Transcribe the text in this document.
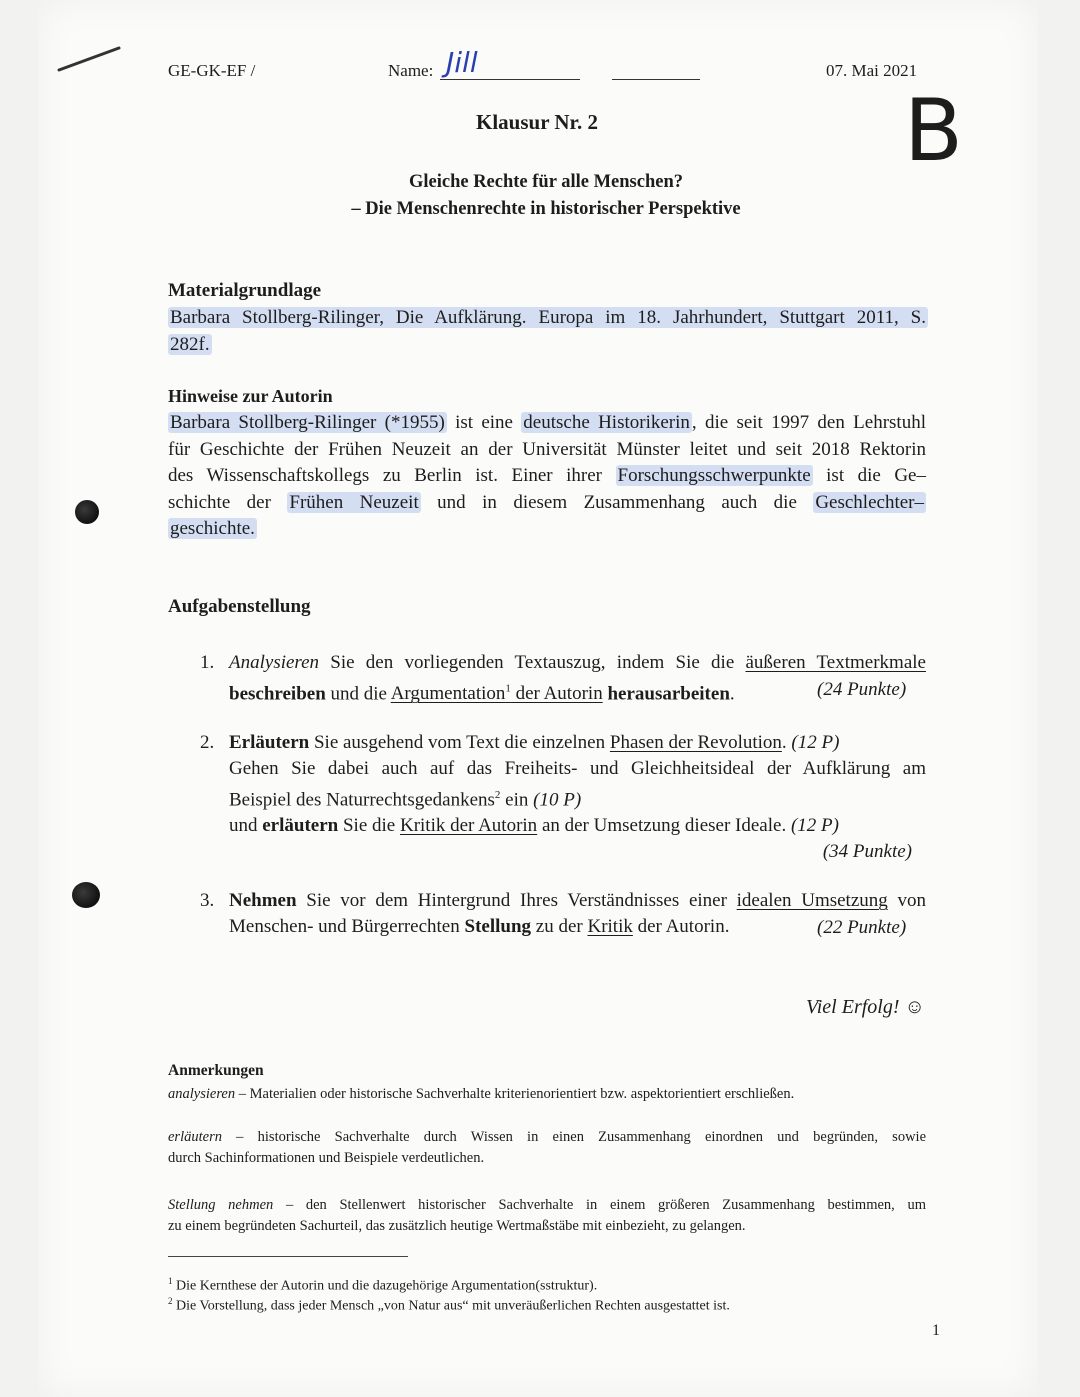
GE-GK-EF /	Name: Jill	07. Mai 2021
Klausur Nr. 2	B
Gleiche Rechte für alle Menschen?
– Die Menschenrechte in historischer Perspektive
Materialgrundlage
Barbara Stollberg-Rilinger, Die Aufklärung. Europa im 18. Jahrhundert, Stuttgart 2011, S.
282f.
Hinweise zur Autorin
Barbara Stollberg-Rilinger (*1955) ist eine deutsche Historikerin , die seit 1997 den Lehrstuhl
für Geschichte der Frühen Neuzeit an der Universität Münster leitet und seit 2018 Rektorin
des Wissenschaftskollegs zu Berlin ist. Einer ihrer Forschungsschwerpunkte ist die Ge–
schichte der Frühen Neuzeit und in diesem Zusammenhang auch die Geschlechter–
geschichte.
Aufgabenstellung
1. Analysieren Sie den vorliegenden Textauszug, indem Sie die äußeren Textmerkmale
beschreiben und die Argumentation$^1$ der Autorin herausarbeiten.	(24 Punkte)
2. Erläutern Sie ausgehend vom Text die einzelnen Phasen der Revolution. (12 P)
Gehen Sie dabei auch auf das Freiheits- und Gleichheitsideal der Aufklärung am
Beispiel des Naturrechtsgedankens$^2$ ein (10 P)
und erläutern Sie die Kritik der Autorin an der Umsetzung dieser Ideale. (12 P)
(34 Punkte)
3. Nehmen Sie vor dem Hintergrund Ihres Verständnisses einer idealen Umsetzung von
Menschen- und Bürgerrechten Stellung zu der Kritik der Autorin.	(22 Punkte)
Viel Erfolg! ☺
Anmerkungen
analysieren – Materialien oder historische Sachverhalte kriterienorientiert bzw. aspektorientiert erschließen.
erläutern – historische Sachverhalte durch Wissen in einen Zusammenhang einordnen und begründen, sowie
durch Sachinformationen und Beispiele verdeutlichen.
Stellung nehmen – den Stellenwert historischer Sachverhalte in einem größeren Zusammenhang bestimmen, um
zu einem begründeten Sachurteil, das zusätzlich heutige Wertmaßstäbe mit einbezieht, zu gelangen.
$^1$ Die Kernthese der Autorin und die dazugehörige Argumentation(sstruktur).
$^2$ Die Vorstellung, dass jeder Mensch „von Natur aus“ mit unveräußerlichen Rechten ausgestattet ist.
1
